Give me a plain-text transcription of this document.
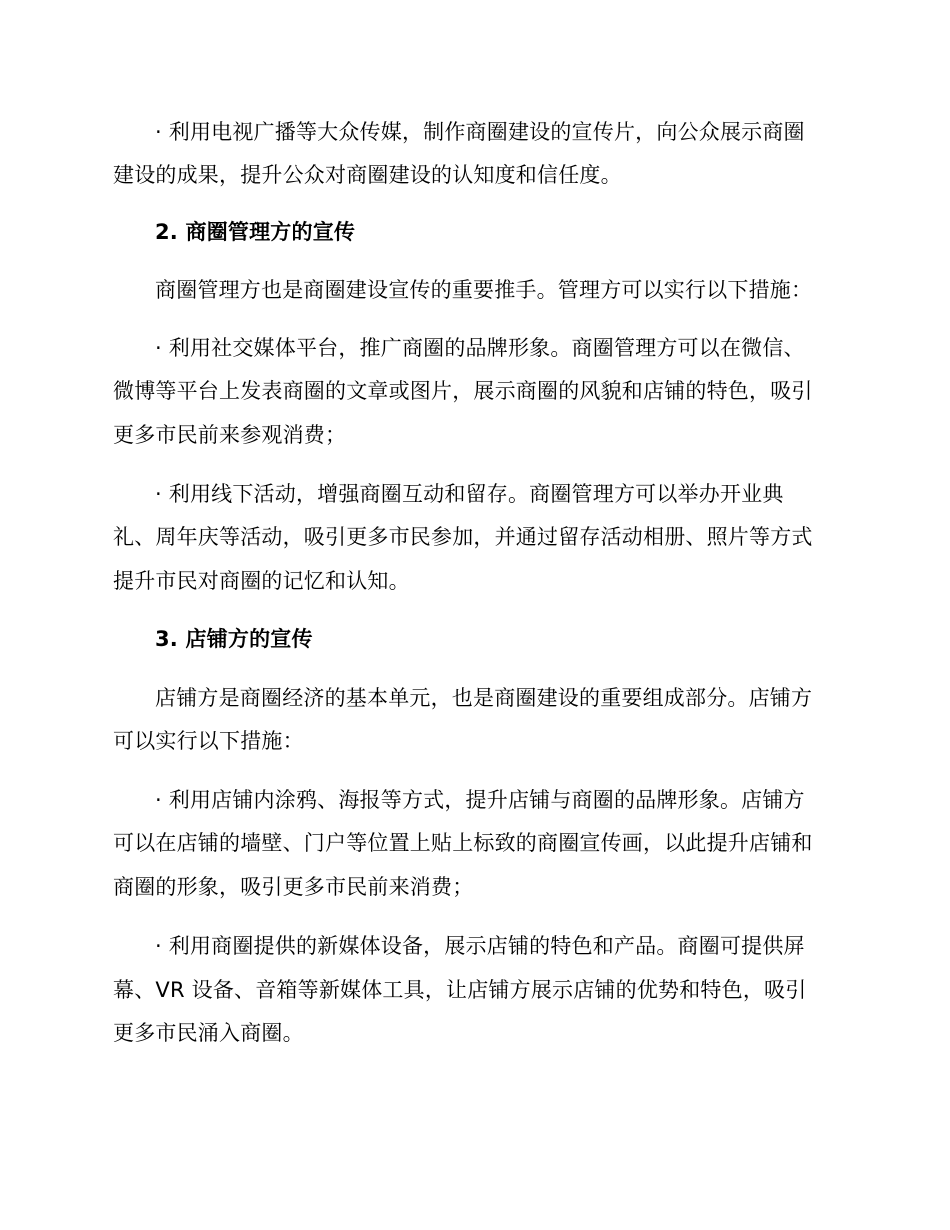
· 利用电视广播等大众传媒，制作商圈建设的宣传片，向公众展示商圈
建设的成果，提升公众对商圈建设的认知度和信任度。
2. 商圈管理方的宣传
商圈管理方也是商圈建设宣传的重要推手。管理方可以实行以下措施：
· 利用社交媒体平台，推广商圈的品牌形象。商圈管理方可以在微信、
微博等平台上发表商圈的文章或图片，展示商圈的风貌和店铺的特色，吸引
更多市民前来参观消费；
· 利用线下活动，增强商圈互动和留存。商圈管理方可以举办开业典
礼、周年庆等活动，吸引更多市民参加，并通过留存活动相册、照片等方式
提升市民对商圈的记忆和认知。
3. 店铺方的宣传
店铺方是商圈经济的基本单元，也是商圈建设的重要组成部分。店铺方
可以实行以下措施：
· 利用店铺内涂鸦、海报等方式，提升店铺与商圈的品牌形象。店铺方
可以在店铺的墙壁、门户等位置上贴上标致的商圈宣传画，以此提升店铺和
商圈的形象，吸引更多市民前来消费；
· 利用商圈提供的新媒体设备，展示店铺的特色和产品。商圈可提供屏
幕、VR 设备、音箱等新媒体工具，让店铺方展示店铺的优势和特色，吸引
更多市民涌入商圈。
